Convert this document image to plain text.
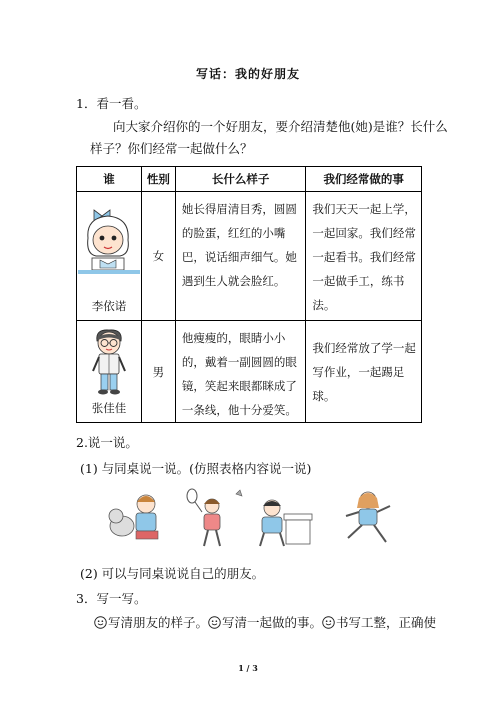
写话：我的好朋友
1．看一看。
向大家介绍你的一个好朋友，要介绍清楚他(她)是谁？长什么
样子？你们经常一起做什么？
谁	性别	长什么样子	我们经常做的事

李依诺	女	她长得眉清目秀，圆圆的脸蛋，红红的小嘴巴，说话细声细气。她遇到生人就会脸红。	我们天天一起上学，一起回家。我们经常一起看书。我们经常一起做手工，练书法。

张佳佳	男	他瘦瘦的，眼睛小小的，戴着一副圆圆的眼镜，笑起来眼都眯成了一条线，他十分爱笑。	我们经常放了学一起写作业，一起踢足球。
2.说一说。
(1) 与同桌说一说。(仿照表格内容说一说)
(2) 可以与同桌说说自己的朋友。
3．写一写。
写清朋友的样子。 写清一起做的事。 书写工整，正确使
1 / 3
